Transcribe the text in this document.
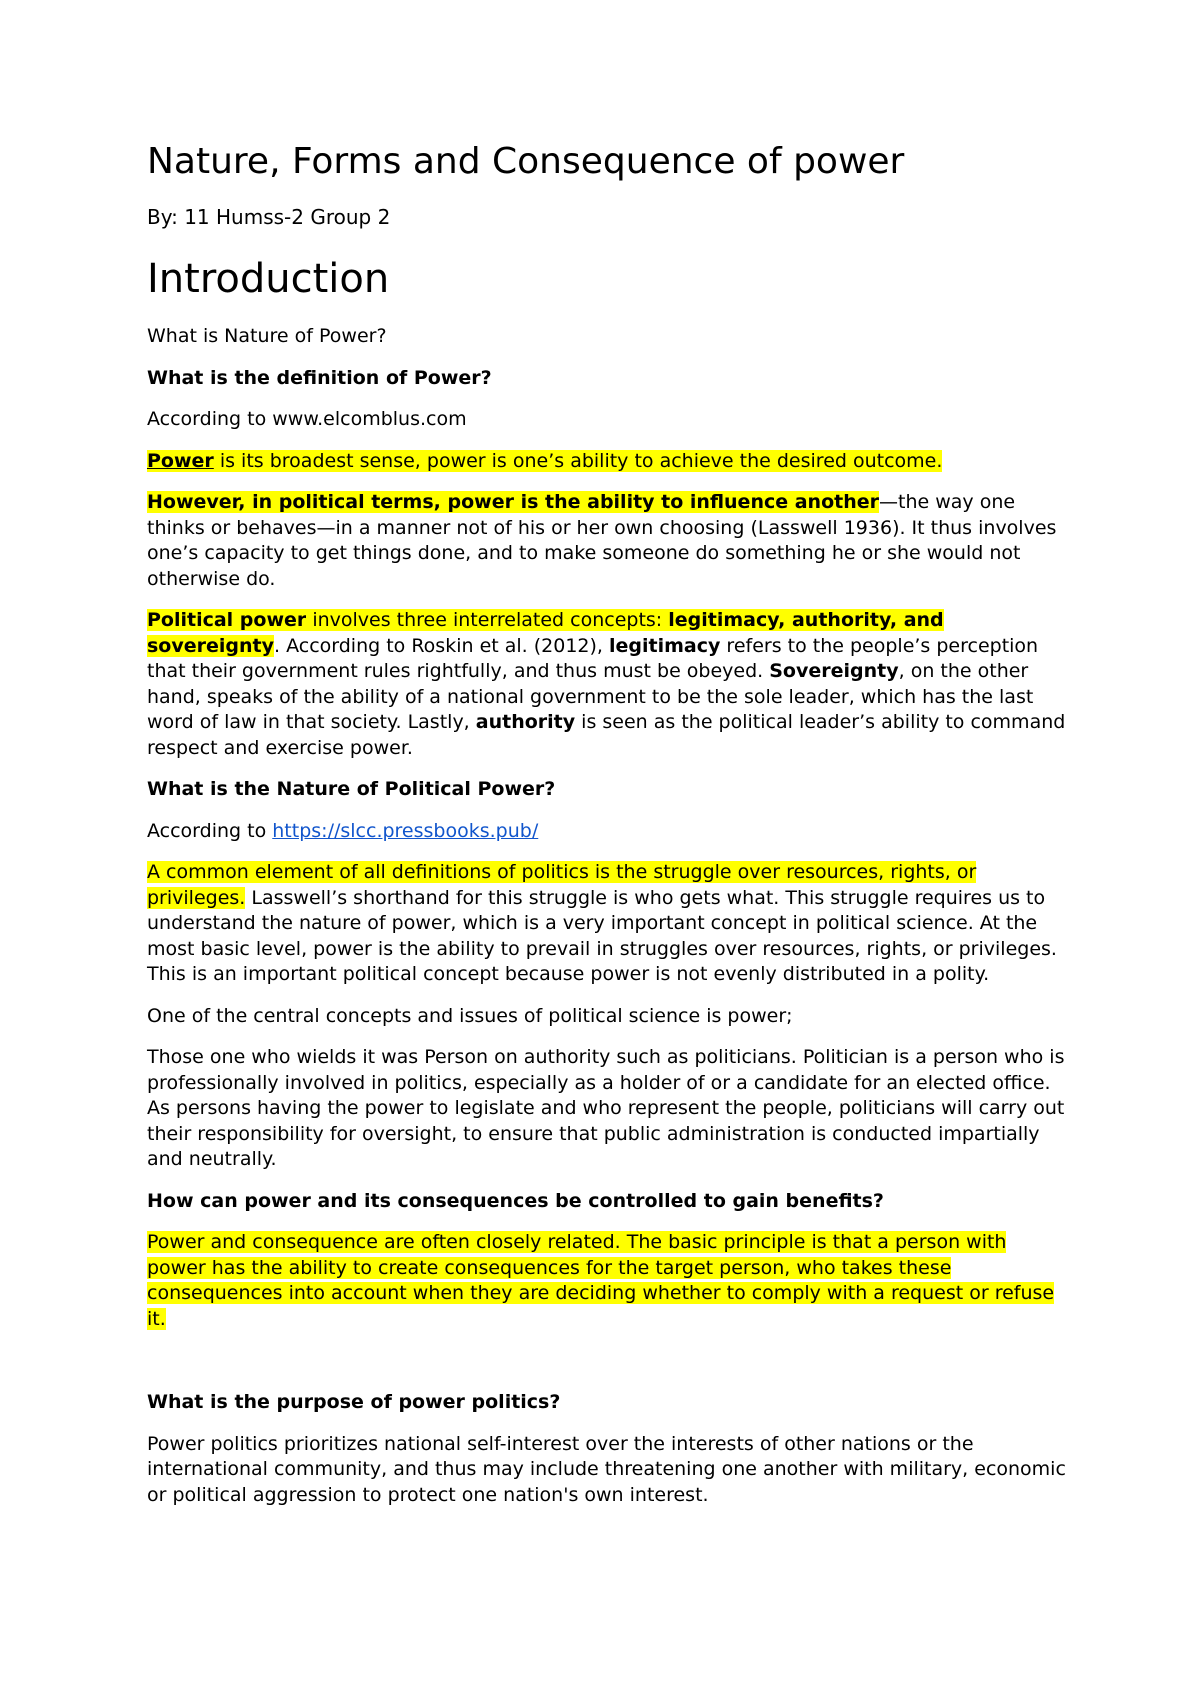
Nature, Forms and Consequence of power
By: 11 Humss-2 Group 2
Introduction

What is Nature of Power?

What is the definition of Power?

According to www.elcomblus.com

Power is its broadest sense, power is one’s ability to achieve the desired outcome.

However, in political terms, power is the ability to influence another—the way one thinks or behaves—in a manner not of his or her own choosing (Lasswell 1936). It thus involves one’s capacity to get things done, and to make someone do something he or she would not otherwise do.

Political power involves three interrelated concepts: legitimacy, authority, and sovereignty. According to Roskin et al. (2012), legitimacy refers to the people’s perception that their government rules rightfully, and thus must be obeyed. Sovereignty, on the other hand, speaks of the ability of a national government to be the sole leader, which has the last word of law in that society. Lastly, authority is seen as the political leader’s ability to command respect and exercise power.

What is the Nature of Political Power?

According to https://slcc.pressbooks.pub/

A common element of all definitions of politics is the struggle over resources, rights, or privileges. Lasswell’s shorthand for this struggle is who gets what. This struggle requires us to understand the nature of power, which is a very important concept in political science. At the most basic level, power is the ability to prevail in struggles over resources, rights, or privileges. This is an important political concept because power is not evenly distributed in a polity.

One of the central concepts and issues of political science is power;

Those one who wields it was Person on authority such as politicians. Politician is a person who is professionally involved in politics, especially as a holder of or a candidate for an elected office. As persons having the power to legislate and who represent the people, politicians will carry out their responsibility for oversight, to ensure that public administration is conducted impartially and neutrally.

How can power and its consequences be controlled to gain benefits?

Power and consequence are often closely related. The basic principle is that a person with power has the ability to create consequences for the target person, who takes these consequences into account when they are deciding whether to comply with a request or refuse it.

What is the purpose of power politics?

Power politics prioritizes national self-interest over the interests of other nations or the international community, and thus may include threatening one another with military, economic or political aggression to protect one nation's own interest.
